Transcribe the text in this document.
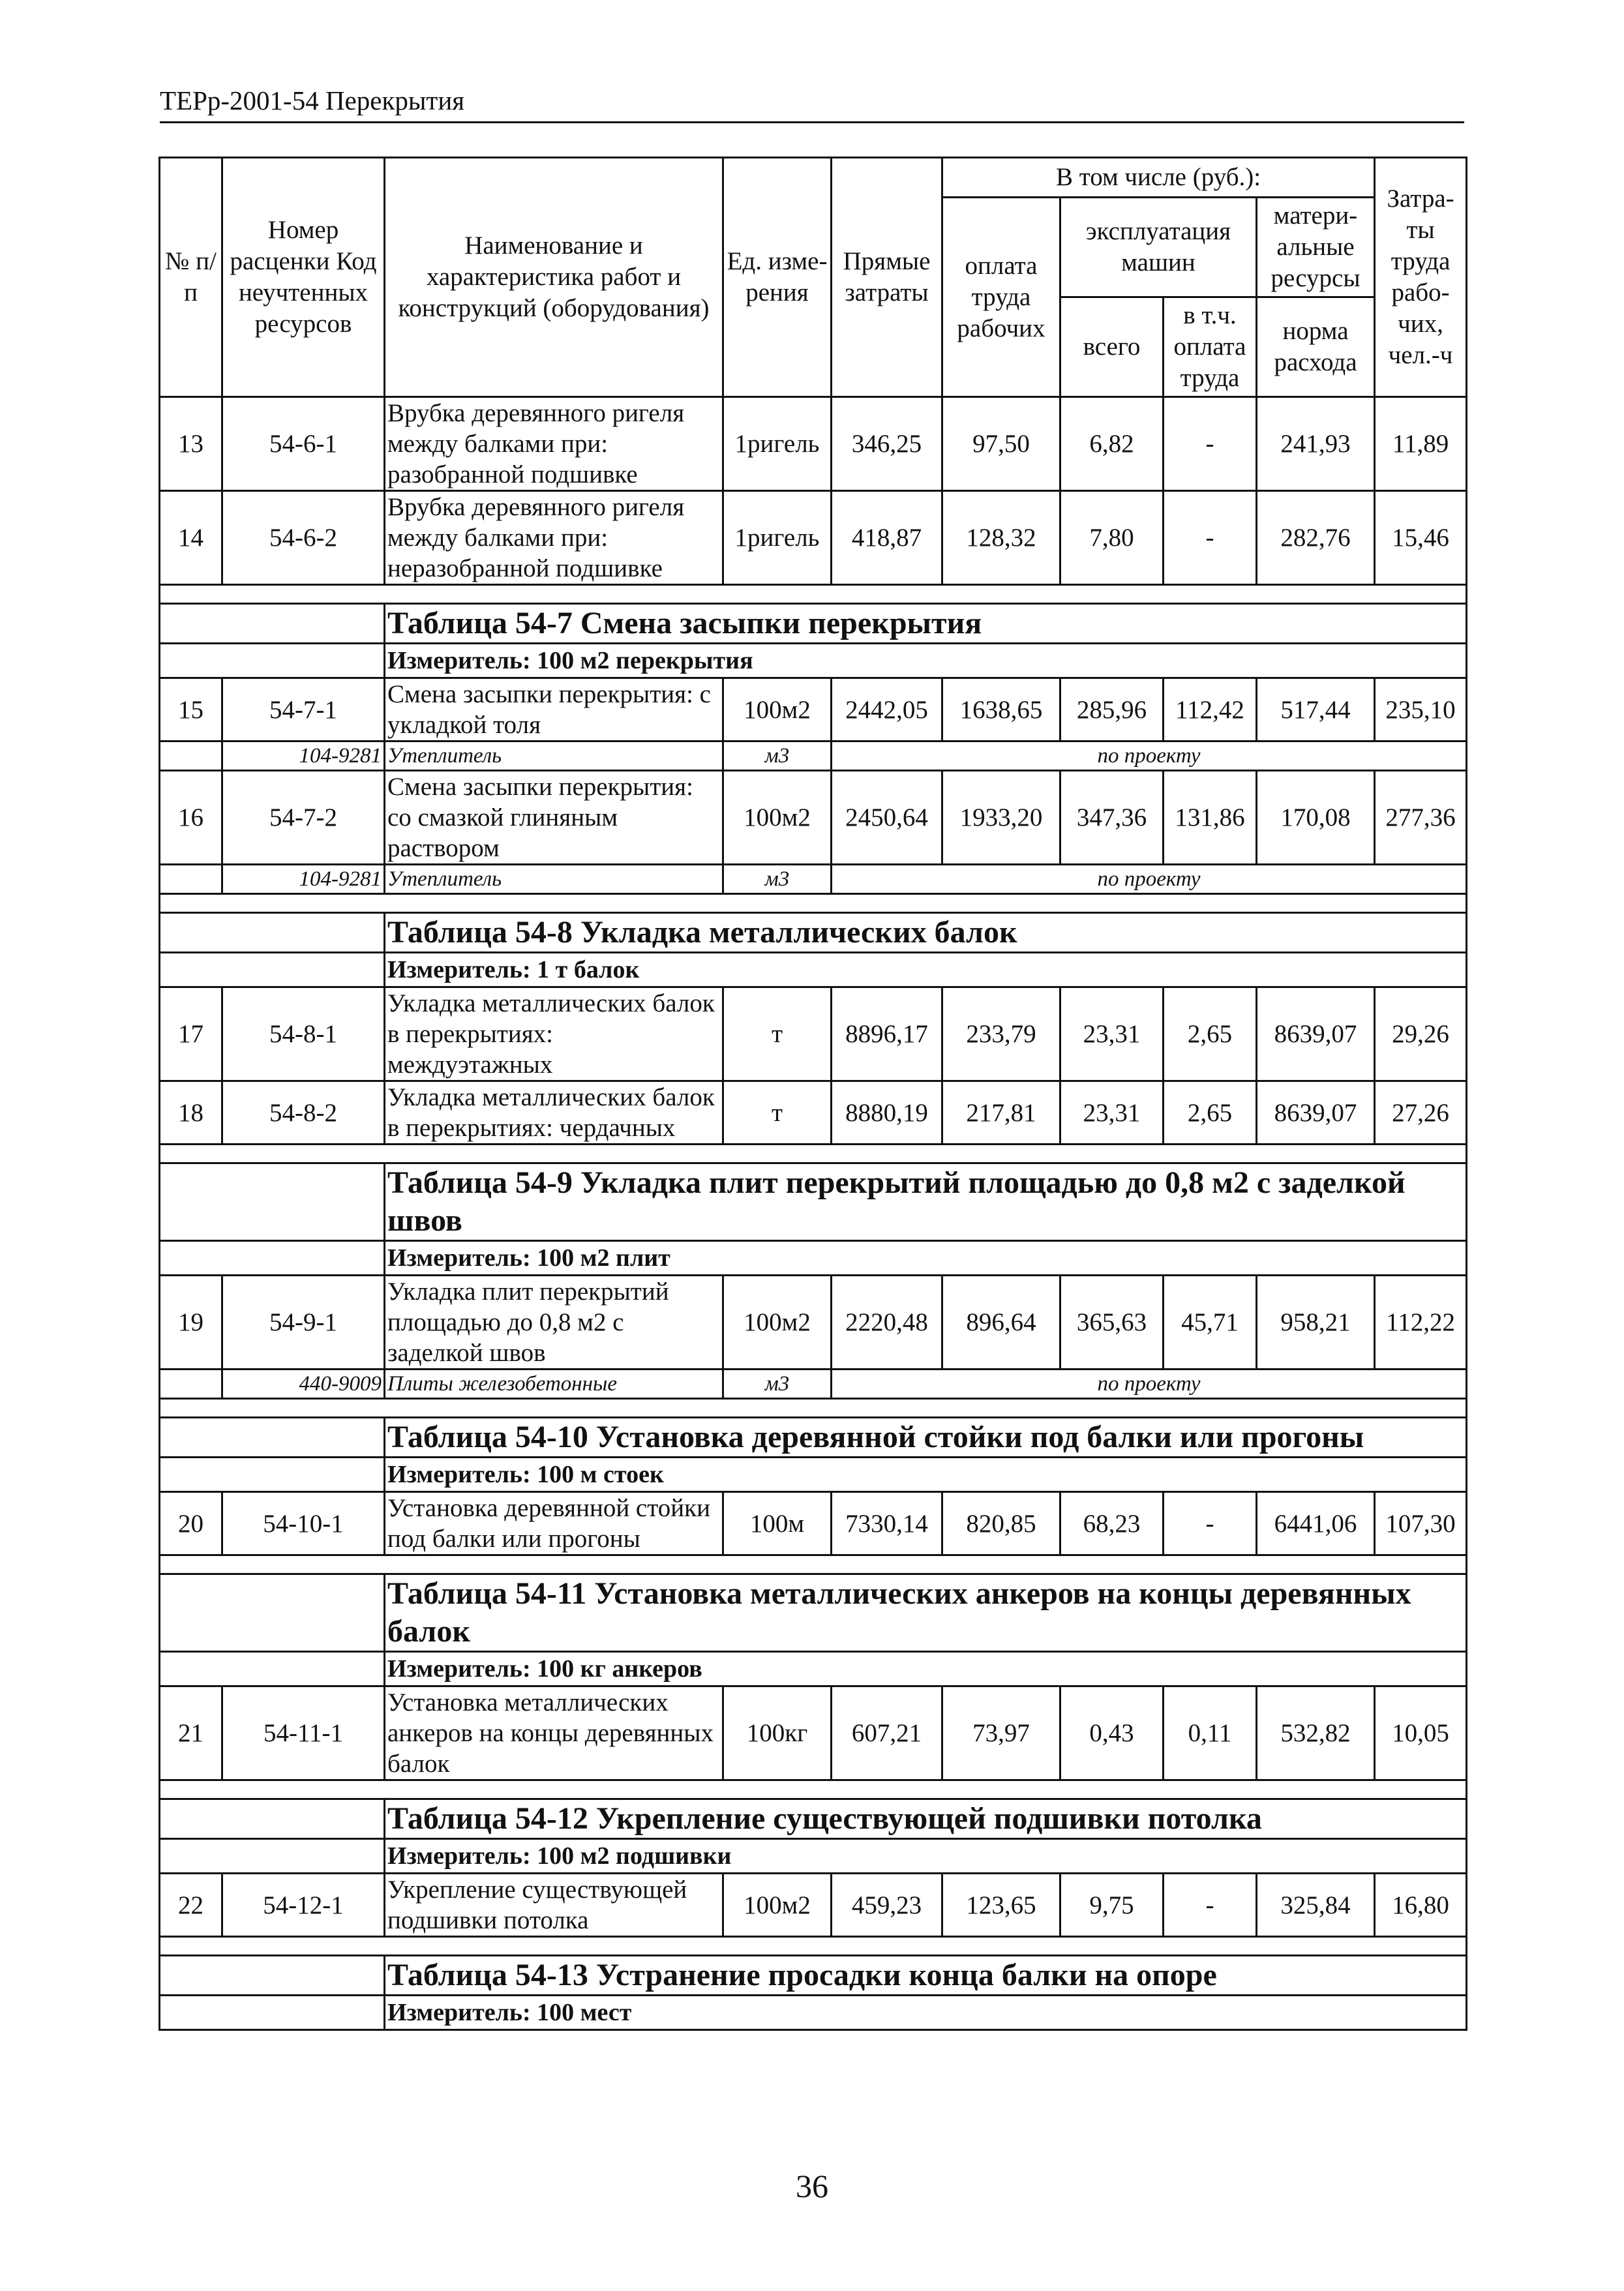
ТЕРр-2001-54 Перекрытия
№ п/п	Номер расценки Код неучтенных ресурсов	Наименование и характеристика работ и конструкций (оборудования)	Ед. изме-рения	Прямые затраты	В том числе (руб.):				Затра-ты труда рабо-чих, чел.-ч
					оплата труда рабочих	эксплуатация машин		матери-альные ресурсы	
						всего	в т.ч. оплата труда	норма расхода	
13	54-6-1	Врубка деревянного ригеля между балками при: разобранной подшивке	1ригель	346,25	97,50	6,82	-	241,93	11,89
14	54-6-2	Врубка деревянного ригеля между балками при: неразобранной подшивке	1ригель	418,87	128,32	7,80	-	282,76	15,46

		Таблица 54-7 Смена засыпки перекрытия							
		Измеритель: 100 м2 перекрытия							
15	54-7-1	Смена засыпки перекрытия: с укладкой толя	100м2	2442,05	1638,65	285,96	112,42	517,44	235,10
	104-9281	Утеплитель	м3	по проекту					
16	54-7-2	Смена засыпки перекрытия: со смазкой глиняным раствором	100м2	2450,64	1933,20	347,36	131,86	170,08	277,36
	104-9281	Утеплитель	м3	по проекту					

		Таблица 54-8 Укладка металлических балок							
		Измеритель: 1 т балок							
17	54-8-1	Укладка металлических балок в перекрытиях: междуэтажных	т	8896,17	233,79	23,31	2,65	8639,07	29,26
18	54-8-2	Укладка металлических балок в перекрытиях: чердачных	т	8880,19	217,81	23,31	2,65	8639,07	27,26

		Таблица 54-9 Укладка плит перекрытий площадью до 0,8 м2 с заделкой швов							
		Измеритель: 100 м2 плит							
19	54-9-1	Укладка плит перекрытий площадью до 0,8 м2 с заделкой швов	100м2	2220,48	896,64	365,63	45,71	958,21	112,22
	440-9009	Плиты железобетонные	м3	по проекту					

		Таблица 54-10 Установка деревянной стойки под балки или прогоны							
		Измеритель: 100 м стоек							
20	54-10-1	Установка деревянной стойки под балки или прогоны	100м	7330,14	820,85	68,23	-	6441,06	107,30

		Таблица 54-11 Установка металлических анкеров на концы деревянных балок							
		Измеритель: 100 кг анкеров							
21	54-11-1	Установка металлических анкеров на концы деревянных балок	100кг	607,21	73,97	0,43	0,11	532,82	10,05

		Таблица 54-12 Укрепление существующей подшивки потолка							
		Измеритель: 100 м2 подшивки							
22	54-12-1	Укрепление существующей подшивки потолка	100м2	459,23	123,65	9,75	-	325,84	16,80

		Таблица 54-13 Устранение просадки конца балки на опоре							
		Измеритель: 100 мест							
36
